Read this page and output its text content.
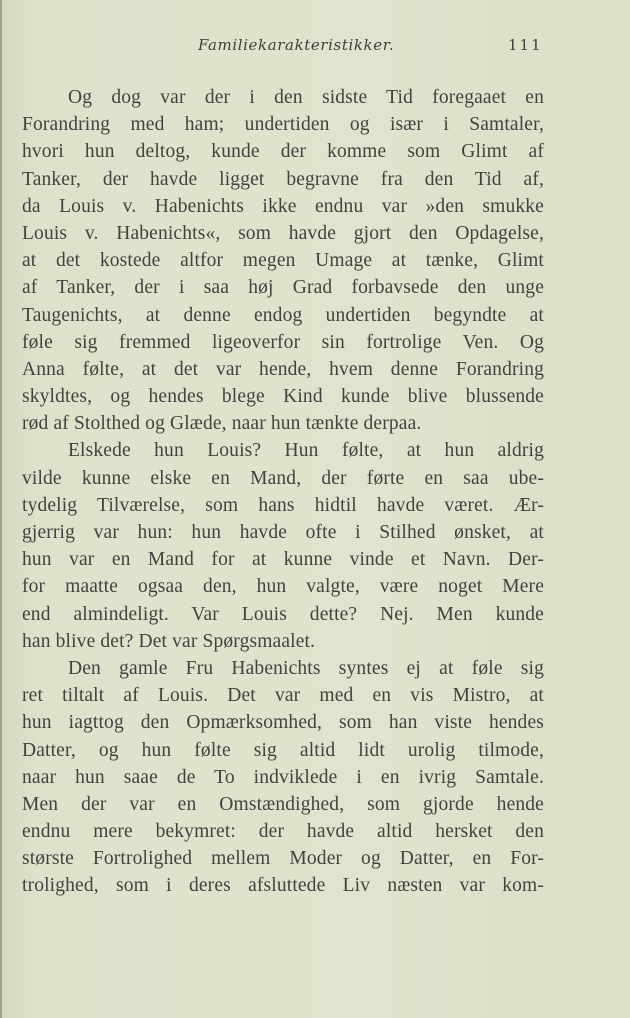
Familiekarakteristikker.	111
Og dog var der i den sidste Tid foregaaet en
Forandring med ham; undertiden og især i Samtaler,
hvori hun deltog, kunde der komme som Glimt af
Tanker, der havde ligget begravne fra den Tid af,
da Louis v. Habenichts ikke endnu var »den smukke
Louis v. Habenichts«, som havde gjort den Opdagelse,
at det kostede altfor megen Umage at tænke, Glimt
af Tanker, der i saa høj Grad forbavsede den unge
Taugenichts, at denne endog undertiden begyndte at
føle sig fremmed ligeoverfor sin fortrolige Ven. Og
Anna følte, at det var hende, hvem denne Forandring
skyldtes, og hendes blege Kind kunde blive blussende
rød af Stolthed og Glæde, naar hun tænkte derpaa.
Elskede hun Louis? Hun følte, at hun aldrig
vilde kunne elske en Mand, der førte en saa ube-
tydelig Tilværelse, som hans hidtil havde været. Ær-
gjerrig var hun: hun havde ofte i Stilhed ønsket, at
hun var en Mand for at kunne vinde et Navn. Der-
for maatte ogsaa den, hun valgte, være noget Mere
end almindeligt. Var Louis dette? Nej. Men kunde
han blive det? Det var Spørgsmaalet.
Den gamle Fru Habenichts syntes ej at føle sig
ret tiltalt af Louis. Det var med en vis Mistro, at
hun iagttog den Opmærksomhed, som han viste hendes
Datter, og hun følte sig altid lidt urolig tilmode,
naar hun saae de To indviklede i en ivrig Samtale.
Men der var en Omstændighed, som gjorde hende
endnu mere bekymret: der havde altid hersket den
største Fortrolighed mellem Moder og Datter, en For-
trolighed, som i deres afsluttede Liv næsten var kom-
